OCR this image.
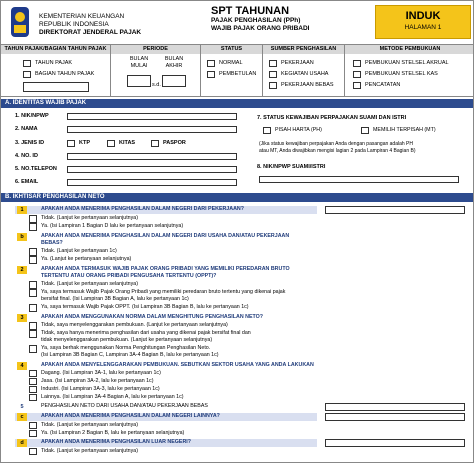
KEMENTERIAN KEUANGAN
REPUBLIK INDONESIA
DIREKTORAT JENDERAL PAJAK
SPT TAHUNAN
PAJAK PENGHASILAN (PPh)
WAJIB PAJAK ORANG PRIBADI
INDUK
HALAMAN 1
TAHUN PAJAK/BAGIAN TAHUN PAJAK
TAHUN PAJAK
BAGIAN TAHUN PAJAK
PERIODE
BULAN MULAI
BULAN AKHIR
s.d.
STATUS
NORMAL
PEMBETULAN
SUMBER PENGHASILAN
PEKERJAAN
KEGIATAN USAHA
PEKERJAAN BEBAS
METODE PEMBUKUAN
PEMBUKUAN STELSEL AKRUAL
PEMBUKUAN STELSEL KAS
PENCATATAN
A. IDENTITAS WAJIB PAJAK
1. NIK/NPWP
2. NAMA
3. JENIS ID	KTP	KITAS	PASPOR
4. NO. ID
5. NO.TELEPON
6. EMAIL
7. STATUS KEWAJIBAN PERPAJAKAN SUAMI DAN ISTRI
PISAH HARTA (PH)	MEMILIH TERPISAH (MT)
(Jika status kewajiban perpajakan Anda dengan pasangan adalah PH
atau MT, Anda diwajibkan mengisi lagian 2 pada Lampiran 4 Bagian B)
8. NIK/NPWP SUAMI/ISTRI
B. IKHTISAR PENGHASILAN NETO
1	APAKAH ANDA MENERIMA PENGHASILAN DALAM NEGERI DARI PEKERJAAN?
Tidak. (Lanjut ke pertanyaan selanjutnya)
Ya. (Isi Lampiran 1 Bagian D lalu ke pertanyaan selanjutnya)
b	APAKAH ANDA MENERIMA PENGHASILAN DALAM NEGERI DARI USAHA DAN/ATAU PEKERJAAN
BEBAS?
Tidak. (Lanjut ke pertanyaan 1c)
Ya. (Lanjut ke pertanyaan selanjutnya)
2	APAKAH ANDA TERMASUK WAJIB PAJAK ORANG PRIBADI YANG MEMILIKI PEREDARAN BRUTO
TERTENTU ATAU ORANG PRIBADI PENGUSAHA TERTENTU (OPPT)?
Tidak. (Lanjut ke pertanyaan selanjutnya)
Ya, saya termasuk Wajib Pajak Orang Pribadi yang memiliki peredaran bruto tertentu yang dikenai pajak
bersifat final. (Isi Lampiran 3B Bagian A, lalu ke pertanyaan 1c)
Ya, saya termasuk Wajib Pajak OPPT. (Isi Lampiran 3B Bagian B, lalu ke pertanyaan 1c)
3	APAKAH ANDA MENGGUNAKAN NORMA DALAM MENGHITUNG PENGHASILAN NETO?
Tidak, saya menyelenggarakan pembukuan. (Lanjut ke pertanyaan selanjutnya)
Tidak, saya hanya menerima penghasilan dari usaha yang dikenai pajak bersifat final dan
tidak menyelenggarakan pembukuan. (Lanjut ke pertanyaan selanjutnya)
Ya, saya berhak menggunakan Norma Penghitungan Penghasilan Neto.
(Isi Lampiran 3B Bagian C, Lampiran 3A-4 Bagian B, lalu ke pertanyaan 1c)
4	APAKAH ANDA MENYELENGGARAKAN PEMBUKUAN. SEBUTKAN SEKTOR USAHA YANG ANDA LAKUKAN
Dagang. (Isi Lampiran 3A-1, lalu ke pertanyaan 1c)
Jasa. (Isi Lampiran 3A-2, lalu ke pertanyaan 1c)
Industri. (Isi Lampiran 3A-3, lalu ke pertanyaan 1c)
Lainnya. (Isi Lampiran 3A-4 Bagian A, lalu ke pertanyaan 1c)
5	PENGHASILAN NETO DARI USAHA DAN/ATAU PEKERJAAN BEBAS
c	APAKAH ANDA MENERIMA PENGHASILAN DALAM NEGERI LAINNYA?
Tidak. (Lanjut ke pertanyaan selanjutnya)
Ya. (Isi Lampiran 2 Bagian B, lalu ke pertanyaan selanjutnya)
d	APAKAH ANDA MENERIMA PENGHASILAN LUAR NEGERI?
Tidak. (Lanjut ke pertanyaan selanjutnya)
